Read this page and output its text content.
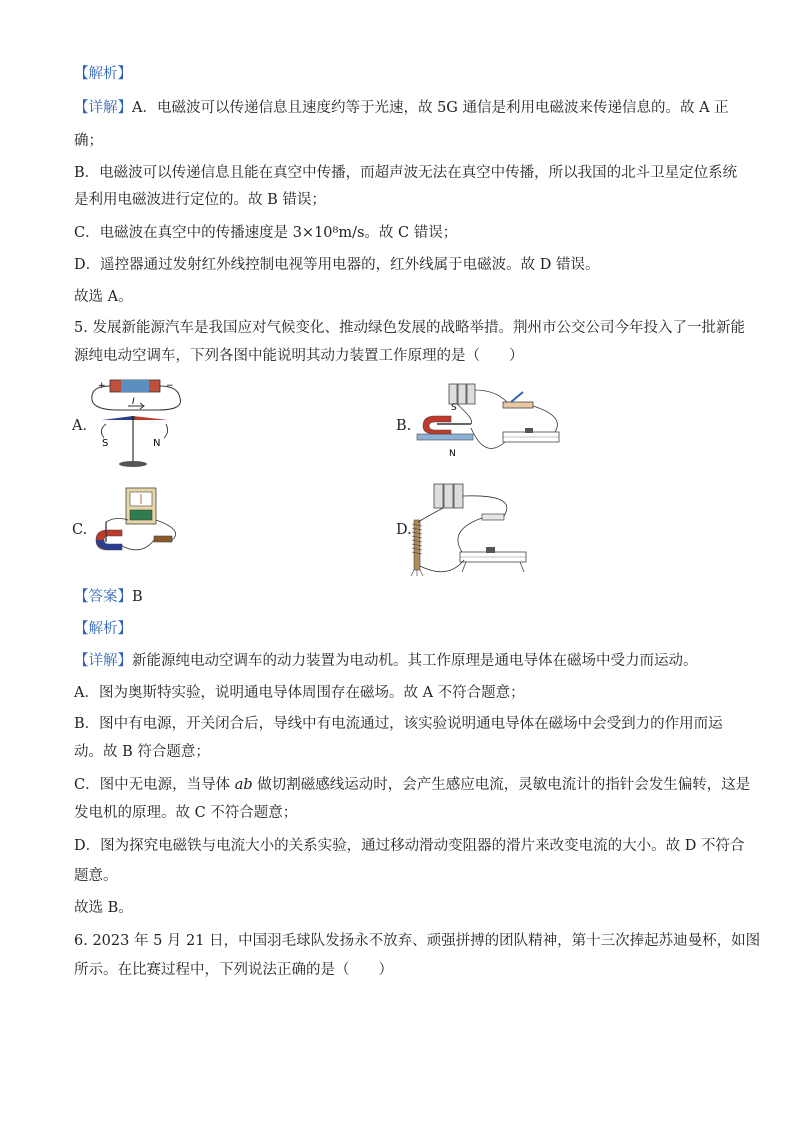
【解析】
【详解】A．电磁波可以传递信息且速度约等于光速，故 5G 通信是利用电磁波来传递信息的。故 A 正
确；
B．电磁波可以传递信息且能在真空中传播，而超声波无法在真空中传播，所以我国的北斗卫星定位系统
是利用电磁波进行定位的。故 B 错误；
C．电磁波在真空中的传播速度是 3×10⁸m/s。故 C 错误；
D．遥控器通过发射红外线控制电视等用电器的，红外线属于电磁波。故 D 错误。
故选 A。
5. 发展新能源汽车是我国应对气候变化、推动绿色发展的战略举措。荆州市公交公司今年投入了一批新能
源纯电动空调车，下列各图中能说明其动力装置工作原理的是（　　）
A．	B.
C.	D.
+	−
I
S	N
S
N
【答案】B
【解析】
【详解】新能源纯电动空调车的动力装置为电动机。其工作原理是通电导体在磁场中受力而运动。
A．图为奥斯特实验，说明通电导体周围存在磁场。故 A 不符合题意；
B．图中有电源，开关闭合后，导线中有电流通过，该实验说明通电导体在磁场中会受到力的作用而运
动。故 B 符合题意；
C．图中无电源，当导体 ab 做切割磁感线运动时，会产生感应电流，灵敏电流计的指针会发生偏转，这是
发电机的原理。故 C 不符合题意；
D．图为探究电磁铁与电流大小的关系实验，通过移动滑动变阻器的滑片来改变电流的大小。故 D 不符合
题意。
故选 B。
6. 2023 年 5 月 21 日，中国羽毛球队发扬永不放弃、顽强拼搏的团队精神，第十三次捧起苏迪曼杯，如图
所示。在比赛过程中，下列说法正确的是（　　）
